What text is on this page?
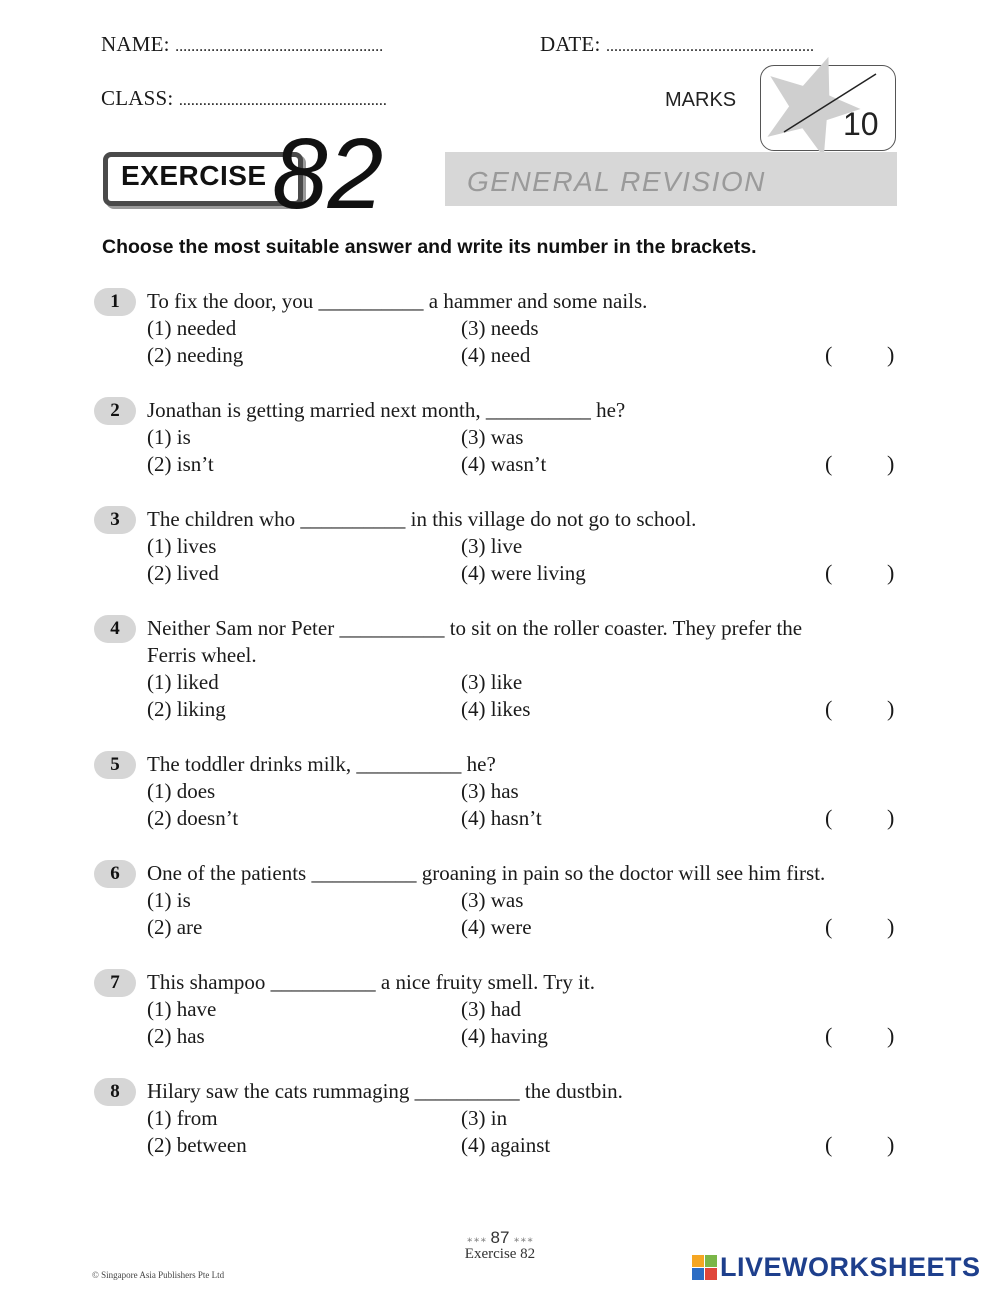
NAME: ....................................................	DATE: ....................................................
CLASS: ....................................................	MARKS
10
GENERAL REVISION
EXERCISE 82
Choose the most suitable answer and write its number in the brackets.
1	To fix the door, you __________ a hammer and some nails.
(1) needed
(2) needing
(3) needs
(4) need	( )
2	Jonathan is getting married next month, __________ he?
(1) is
(2) isn’t
(3) was
(4) wasn’t	( )
3	The children who __________ in this village do not go to school.
(1) lives
(2) lived
(3) live
(4) were living	( )
4	Neither Sam nor Peter __________ to sit on the roller coaster. They prefer the
Ferris wheel.
(1) liked
(2) liking
(3) like
(4) likes	( )
5	The toddler drinks milk, __________ he?
(1) does
(2) doesn’t
(3) has
(4) hasn’t	( )
6	One of the patients __________ groaning in pain so the doctor will see him first.
(1) is
(2) are
(3) was
(4) were	( )
7	This shampoo __________ a nice fruity smell. Try it.
(1) have
(2) has
(3) had
(4) having	( )
8	Hilary saw the cats rummaging __________ the dustbin.
(1) from
(2) between
(3) in
(4) against	( )
∗∗∗ 87 ∗∗∗
Exercise 82
© Singapore Asia Publishers Pte Ltd	LIVEWORKSHEETS
